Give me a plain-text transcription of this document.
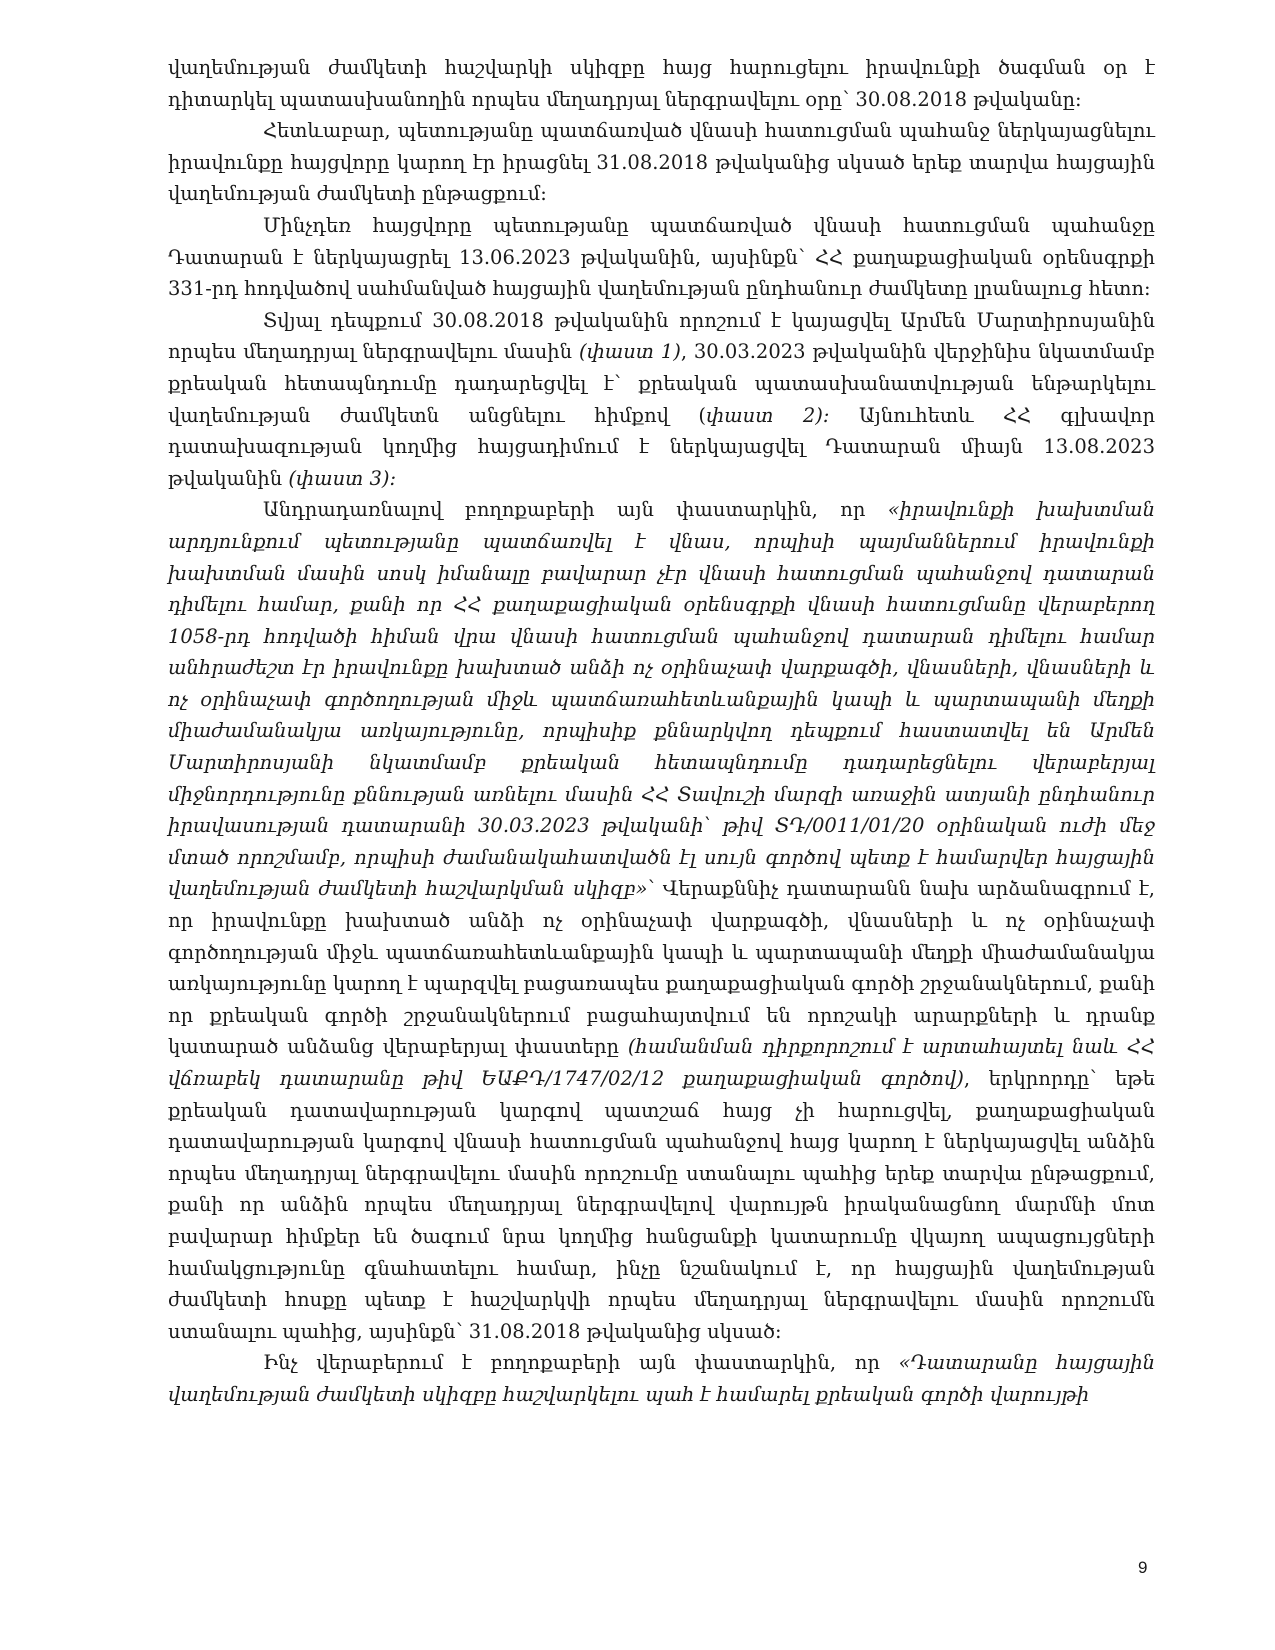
վաղեմության ժամկետի հաշվարկի սկիզբը հայց հարուցելու իրավունքի ծագման օր է դիտարկել պատասխանողին որպես մեղադրյալ ներգրավելու օրը՝ 30.08.2018 թվականը:

Հետևաբար, պետությանը պատճառված վնասի հատուցման պահանջ ներկայացնելու իրավունքը հայցվորը կարող էր իրացնել 31.08.2018 թվականից սկսած երեք տարվա հայցային վաղեմության ժամկետի ընթացքում:

Մինչդեռ հայցվորը պետությանը պատճառված վնասի հատուցման պահանջը Դատարան է ներկայացրել 13.06.2023 թվականին, այսինքն՝ ՀՀ քաղաքացիական օրենսգրքի 331-րդ հոդվածով սահմանված հայցային վաղեմության ընդհանուր ժամկետը լրանալուց հետո:

Տվյալ դեպքում 30.08.2018 թվականին որոշում է կայացվել Արմեն Մարտիրոսյանին որպես մեղադրյալ ներգրավելու մասին (փաստ 1), 30.03.2023 թվականին վերջինիս նկատմամբ քրեական հետապնդումը դադարեցվել է՝ քրեական պատասխանատվության ենթարկելու վաղեմության ժամկետն անցնելու հիմքով (փաստ 2): Այնուհետև ՀՀ գլխավոր դատախազության կողմից հայցադիմում է ներկայացվել Դատարան միայն 13.08.2023 թվականին (փաստ 3):

Անդրադառնալով բողոքաբերի այն փաստարկին, որ «իրավունքի խախտման արդյունքում պետությանը պատճառվել է վնաս, որպիսի պայմաններում իրավունքի խախտման մասին սոսկ իմանալը բավարար չէր վնասի հատուցման պահանջով դատարան դիմելու համար, քանի որ ՀՀ քաղաքացիական օրենսգրքի վնասի հատուցմանը վերաբերող 1058-րդ հոդվածի հիման վրա վնասի հատուցման պահանջով դատարան դիմելու համար անհրաժեշտ էր իրավունքը խախտած անձի ոչ օրինաչափ վարքագծի, վնասների, վնասների և ոչ օրինաչափ գործողության միջև պատճառահետևանքային կապի և պարտապանի մեղքի միաժամանակյա առկայությունը, որպիսիք քննարկվող դեպքում հաստատվել են Արմեն Մարտիրոսյանի նկատմամբ քրեական հետապնդումը դադարեցնելու վերաբերյալ միջնորդությունը քննության առնելու մասին ՀՀ Տավուշի մարզի առաջին ատյանի ընդհանուր իրավասության դատարանի 30.03.2023 թվականի՝ թիվ ՏԴ/0011/01/20 օրինական ուժի մեջ մտած որոշմամբ, որպիսի ժամանակահատվածն էլ սույն գործով պետք է համարվեր հայցային վաղեմության ժամկետի հաշվարկման սկիզբ»՝ Վերաքննիչ դատարանն նախ արձանագրում է, որ իրավունքը խախտած անձի ոչ օրինաչափ վարքագծի, վնասների և ոչ օրինաչափ գործողության միջև պատճառահետևանքային կապի և պարտապանի մեղքի միաժամանակյա առկայությունը կարող է պարզվել բացառապես քաղաքացիական գործի շրջանակներում, քանի որ քրեական գործի շրջանակներում բացահայտվում են որոշակի արարքների և դրանք կատարած անձանց վերաբերյալ փաստերը (համանման դիրքորոշում է արտահայտել նաև ՀՀ վճռաբեկ դատարանը թիվ ԵԱՔԴ/1747/02/12 քաղաքացիական գործով), երկրորդը՝ եթե քրեական դատավարության կարգով պատշաճ հայց չի հարուցվել, քաղաքացիական դատավարության կարգով վնասի հատուցման պահանջով հայց կարող է ներկայացվել անձին որպես մեղադրյալ ներգրավելու մասին որոշումը ստանալու պահից երեք տարվա ընթացքում, քանի որ անձին որպես մեղադրյալ ներգրավելով վարույթն իրականացնող մարմնի մոտ բավարար հիմքեր են ծագում նրա կողմից հանցանքի կատարումը վկայող ապացույցների համակցությունը գնահատելու համար, ինչը նշանակում է, որ հայցային վաղեմության ժամկետի հոսքը պետք է հաշվարկվի որպես մեղադրյալ ներգրավելու մասին որոշումն ստանալու պահից, այսինքն՝ 31.08.2018 թվականից սկսած:

Ինչ վերաբերում է բողոքաբերի այն փաստարկին, որ «Դատարանը հայցային վաղեմության ժամկետի սկիզբը հաշվարկելու պահ է համարել քրեական գործի վարույթի

9
